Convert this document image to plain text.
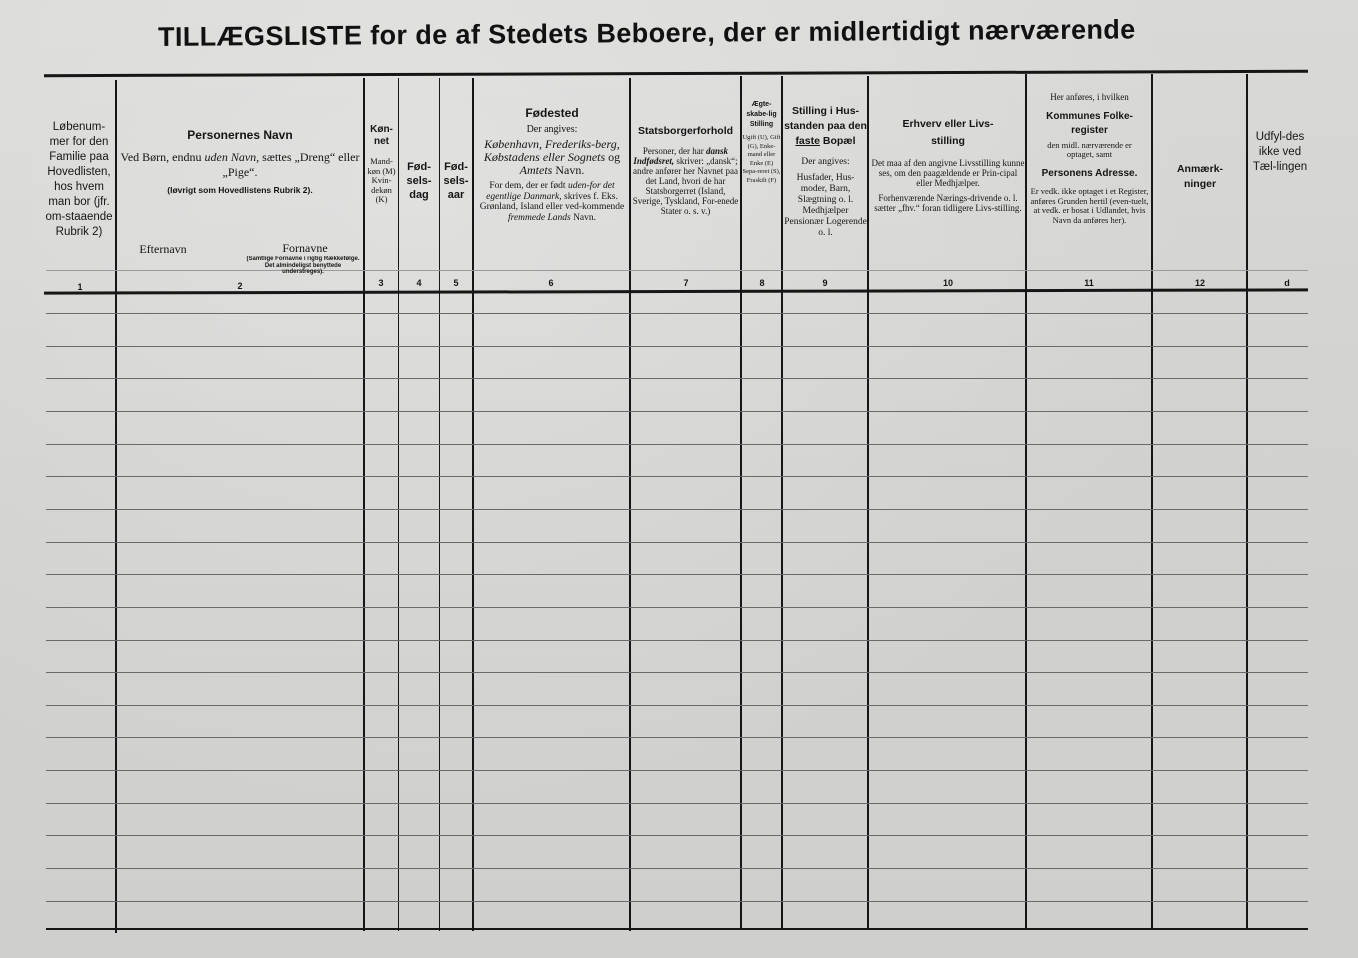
TILLÆGSLISTE for de af Stedets Beboere, der er midlertidigt nærværende
Løbenum-mer for den Familie paa Hovedlisten, hos hvem man bor (jfr. om-staaende Rubrik 2)
1
Personernes Navn
Ved Børn, endnu uden Navn, sættes „Dreng“ eller „Pige“.
(Iøvrigt som Hovedlistens Rubrik 2).
Efternavn	Fornavne
(Samtlige Fornavne i rigtig Rækkefølge. Det almindeligst benyttede understreges).
2
Køn-net
Mand-køn (M) Kvin-dekøn (K)
3
Fød-sels-dag
4
Fød-sels-aar
5
Fødested
Der angives:
København, Frederiks-berg, Købstadens eller Sognets og Amtets Navn.
For dem, der er født uden-for det egentlige Danmark, skrives f. Eks. Grønland, Island eller ved-kommende fremmede Lands Navn.
6
Statsborgerforhold
Personer, der har dansk Indfødsret, skriver: „dansk“; andre anfører her Navnet paa det Land, hvori de har Statsborgerret (Island, Sverige, Tyskland, For-enede Stater o. s. v.)
7
Ægte-skabe-lig Stilling
Ugift (U), Gift (G), Enke-mand eller Enke (E) Sepa-reret (S), Fraskilt (F)
8
Stilling i Hus-standen paa den faste Bopæl
Der angives:
Husfader, Hus-moder, Barn, Slægtning o. l. Medhjælper Pensionær Logerende o. l.
9
Erhverv eller Livs-stilling
Det maa af den angivne Livsstilling kunne ses, om den paagældende er Prin-cipal eller Medhjælper.
Forhenværende Nærings-drivende o. l. sætter „fhv.“ foran tidligere Livs-stilling.
10
Her anføres, i hvilken
Kommunes Folke-register
den midl. nærværende er optaget, samt
Personens Adresse.
Er vedk. ikke optaget i et Register, anføres Grunden hertil (even-tuelt, at vedk. er bosat i Udlandet, hvis Navn da anføres her).
11
Anmærk-ninger
12
Udfyl-des ikke ved Tæl-lingen
d
